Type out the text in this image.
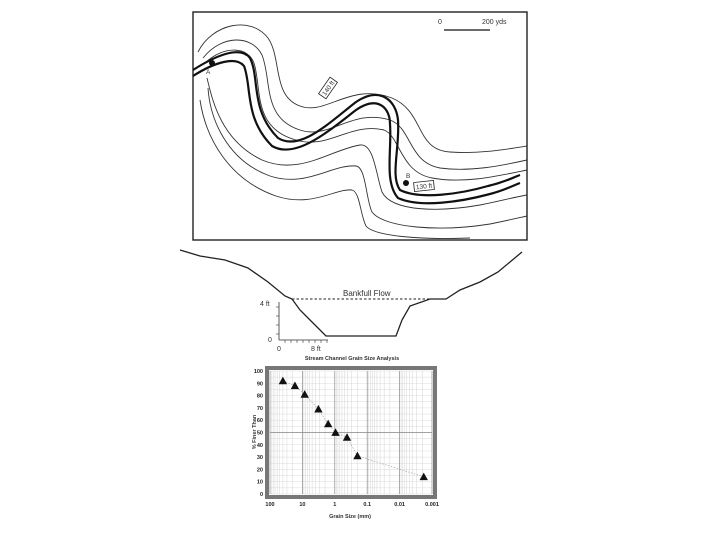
0	200 yds
140 ft
130 ft
A
B
Bankfull Flow
4 ft
0
0	8 ft
Stream Channel Grain Size Analysis
0
10
20
30
40
50
60
70
80
90
100
100	10	1	0.1	0.01	0.001
Grain Size (mm)
% Finer Than
